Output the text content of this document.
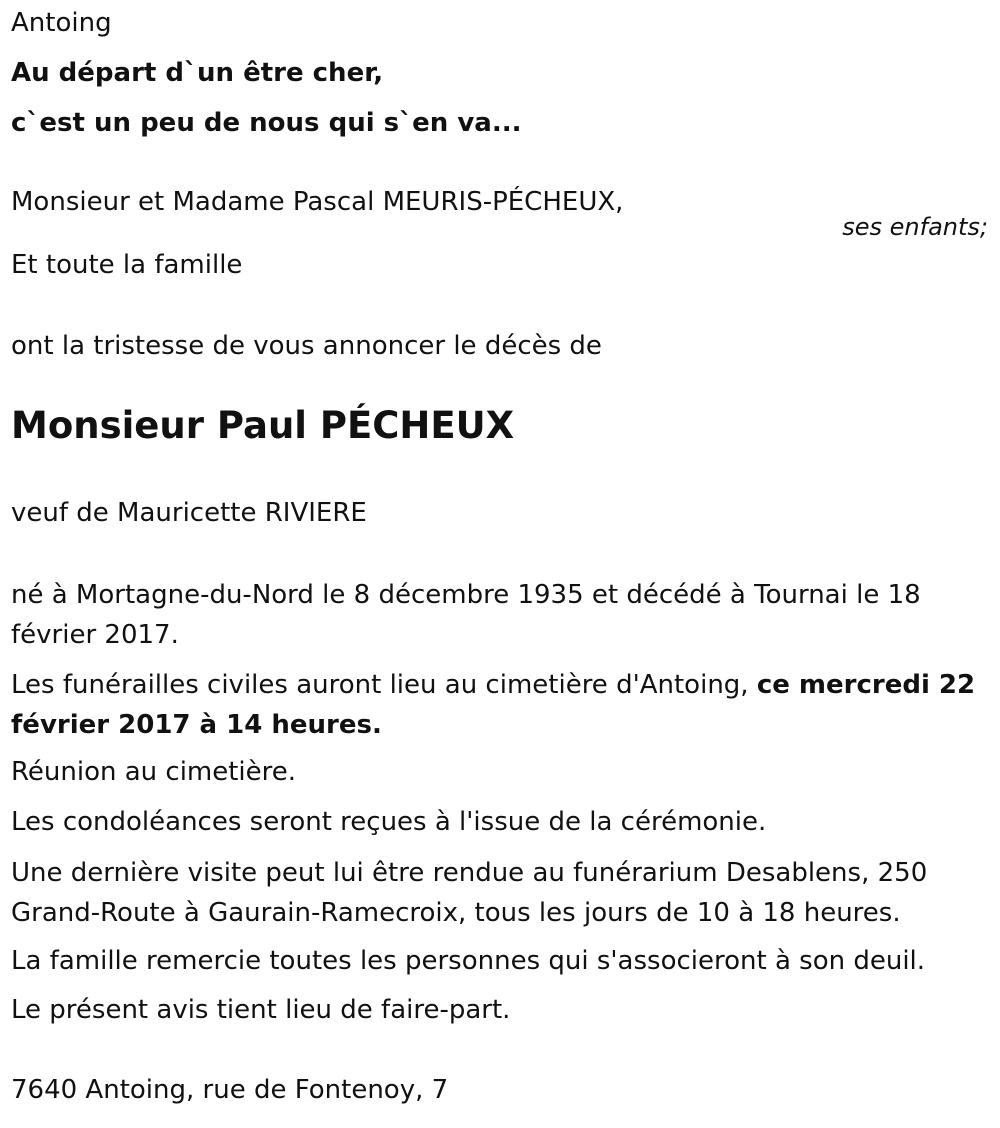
Antoing

Au départ d`un être cher,

c`est un peu de nous qui s`en va...

Monsieur et Madame Pascal MEURIS-PÉCHEUX,

ses enfants;

Et toute la famille

ont la tristesse de vous annoncer le décès de

Monsieur Paul PÉCHEUX

veuf de Mauricette RIVIERE

né à Mortagne-du-Nord le 8 décembre 1935 et décédé à Tournai le 18 février 2017.

Les funérailles civiles auront lieu au cimetière d'Antoing, ce mercredi 22 février 2017 à 14 heures.

Réunion au cimetière.

Les condoléances seront reçues à l'issue de la cérémonie.

Une dernière visite peut lui être rendue au funérarium Desablens, 250 Grand-Route à Gaurain-Ramecroix, tous les jours de 10 à 18 heures.

La famille remercie toutes les personnes qui s'associeront à son deuil.

Le présent avis tient lieu de faire-part.

7640 Antoing, rue de Fontenoy, 7
